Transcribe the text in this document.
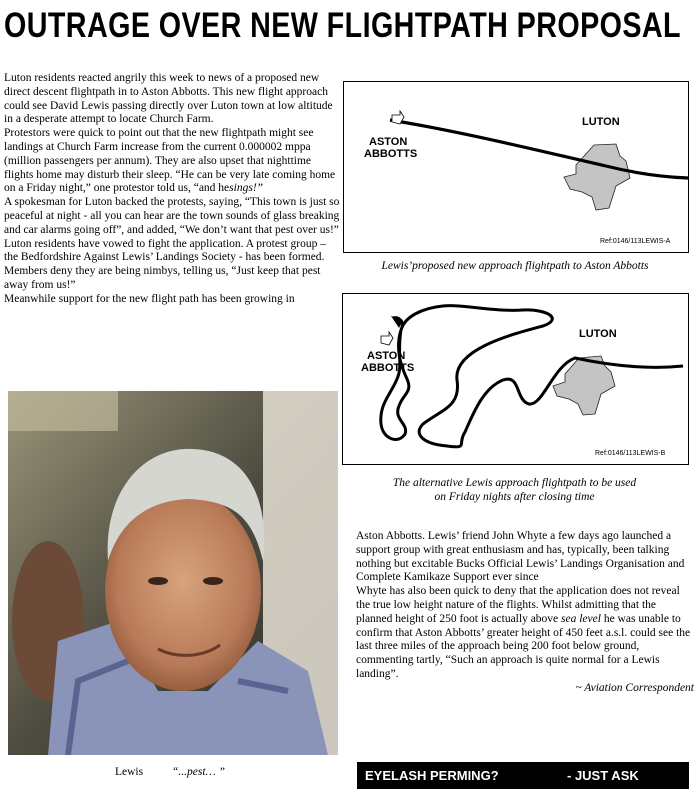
OUTRAGE OVER NEW FLIGHTPATH PROPOSAL

Luton residents reacted angrily this week to news of a proposed new direct descent flightpath in to Aston Abbotts. This new flight approach could see David Lewis passing directly over Luton town at low altitude in a desperate attempt to locate Church Farm.

Protestors were quick to point out that the new flightpath might see landings at Church Farm increase from the current 0.000002 mppa (million passengers per annum). They are also upset that nighttime flights home may disturb their sleep. “He can be very late coming home on a Friday night,” one protestor told us, “and hesings!”

A spokesman for Luton backed the protests, saying, “This town is just so peaceful at night - all you can hear are the town sounds of glass breaking and car alarms going off”, and added, “We don’t want that pest over us!”

Luton residents have vowed to fight the application. A protest group – the Bedfordshire Against Lewis’ Landings Society - has been formed. Members deny they are being nimbys, telling us, “Just keep that pest away from us!”

Meanwhile support for the new flight path has been growing in

LUTON
ASTON
ABBOTTS
Ref:0146/113LEWIS-A
Lewis’proposed new approach flightpath to Aston Abbotts
LUTON
ASTON
ABBOTTS
Ref:0146/113LEWIS-B
The alternative Lewis approach flightpath to be used
on Friday nights after closing time
Lewis	“...pest… ”

Aston Abbotts. Lewis’ friend John Whyte a few days ago launched a support group with great enthusiasm and has, typically, been talking nothing but excitable Bucks Official Lewis’ Landings Organisation and Complete Kamikaze Support ever since

Whyte has also been quick to deny that the application does not reveal the true low height nature of the flights. Whilst admitting that the planned height of 250 foot is actually above sea level he was unable to confirm that Aston Abbotts’ greater height of 450 feet a.s.l. could see the last three miles of the approach being 200 foot below ground, commenting tartly, “Such an approach is quite normal for a Lewis landing”.

~ Aviation Correspondent

EYELASH PERMING?	- JUST ASK
